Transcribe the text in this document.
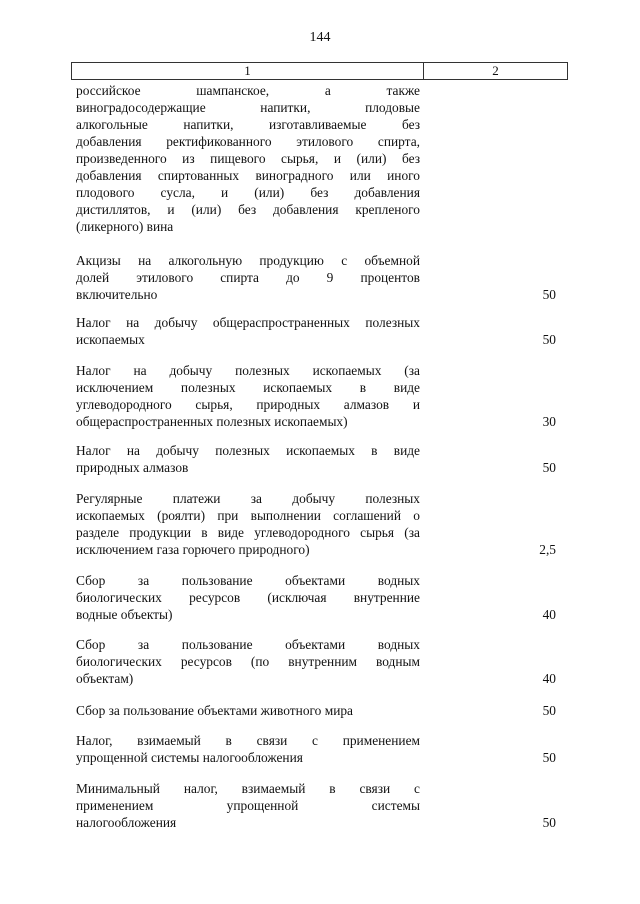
144
1	2
российское шампанское, а также
виноградосодержащие напитки, плодовые
алкогольные напитки, изготавливаемые без
добавления ректификованного этилового спирта,
произведенного из пищевого сырья, и (или) без
добавления спиртованных виноградного или иного
плодового сусла, и (или) без добавления
дистиллятов, и (или) без добавления крепленого
(ликерного) вина
Акцизы на алкогольную продукцию с объемной
долей этилового спирта до 9 процентов
включительно	50
Налог на добычу общераспространенных полезных
ископаемых	50
Налог на добычу полезных ископаемых (за
исключением полезных ископаемых в виде
углеводородного сырья, природных алмазов и
общераспространенных полезных ископаемых)	30
Налог на добычу полезных ископаемых в виде
природных алмазов	50
Регулярные платежи за добычу полезных
ископаемых (роялти) при выполнении соглашений о
разделе продукции в виде углеводородного сырья (за
исключением газа горючего природного)	2,5
Сбор за пользование объектами водных
биологических ресурсов (исключая внутренние
водные объекты)	40
Сбор за пользование объектами водных
биологических ресурсов (по внутренним водным
объектам)	40
Сбор за пользование объектами животного мира	50
Налог, взимаемый в связи с применением
упрощенной системы налогообложения	50
Минимальный налог, взимаемый в связи с
применением упрощенной системы
налогообложения	50
